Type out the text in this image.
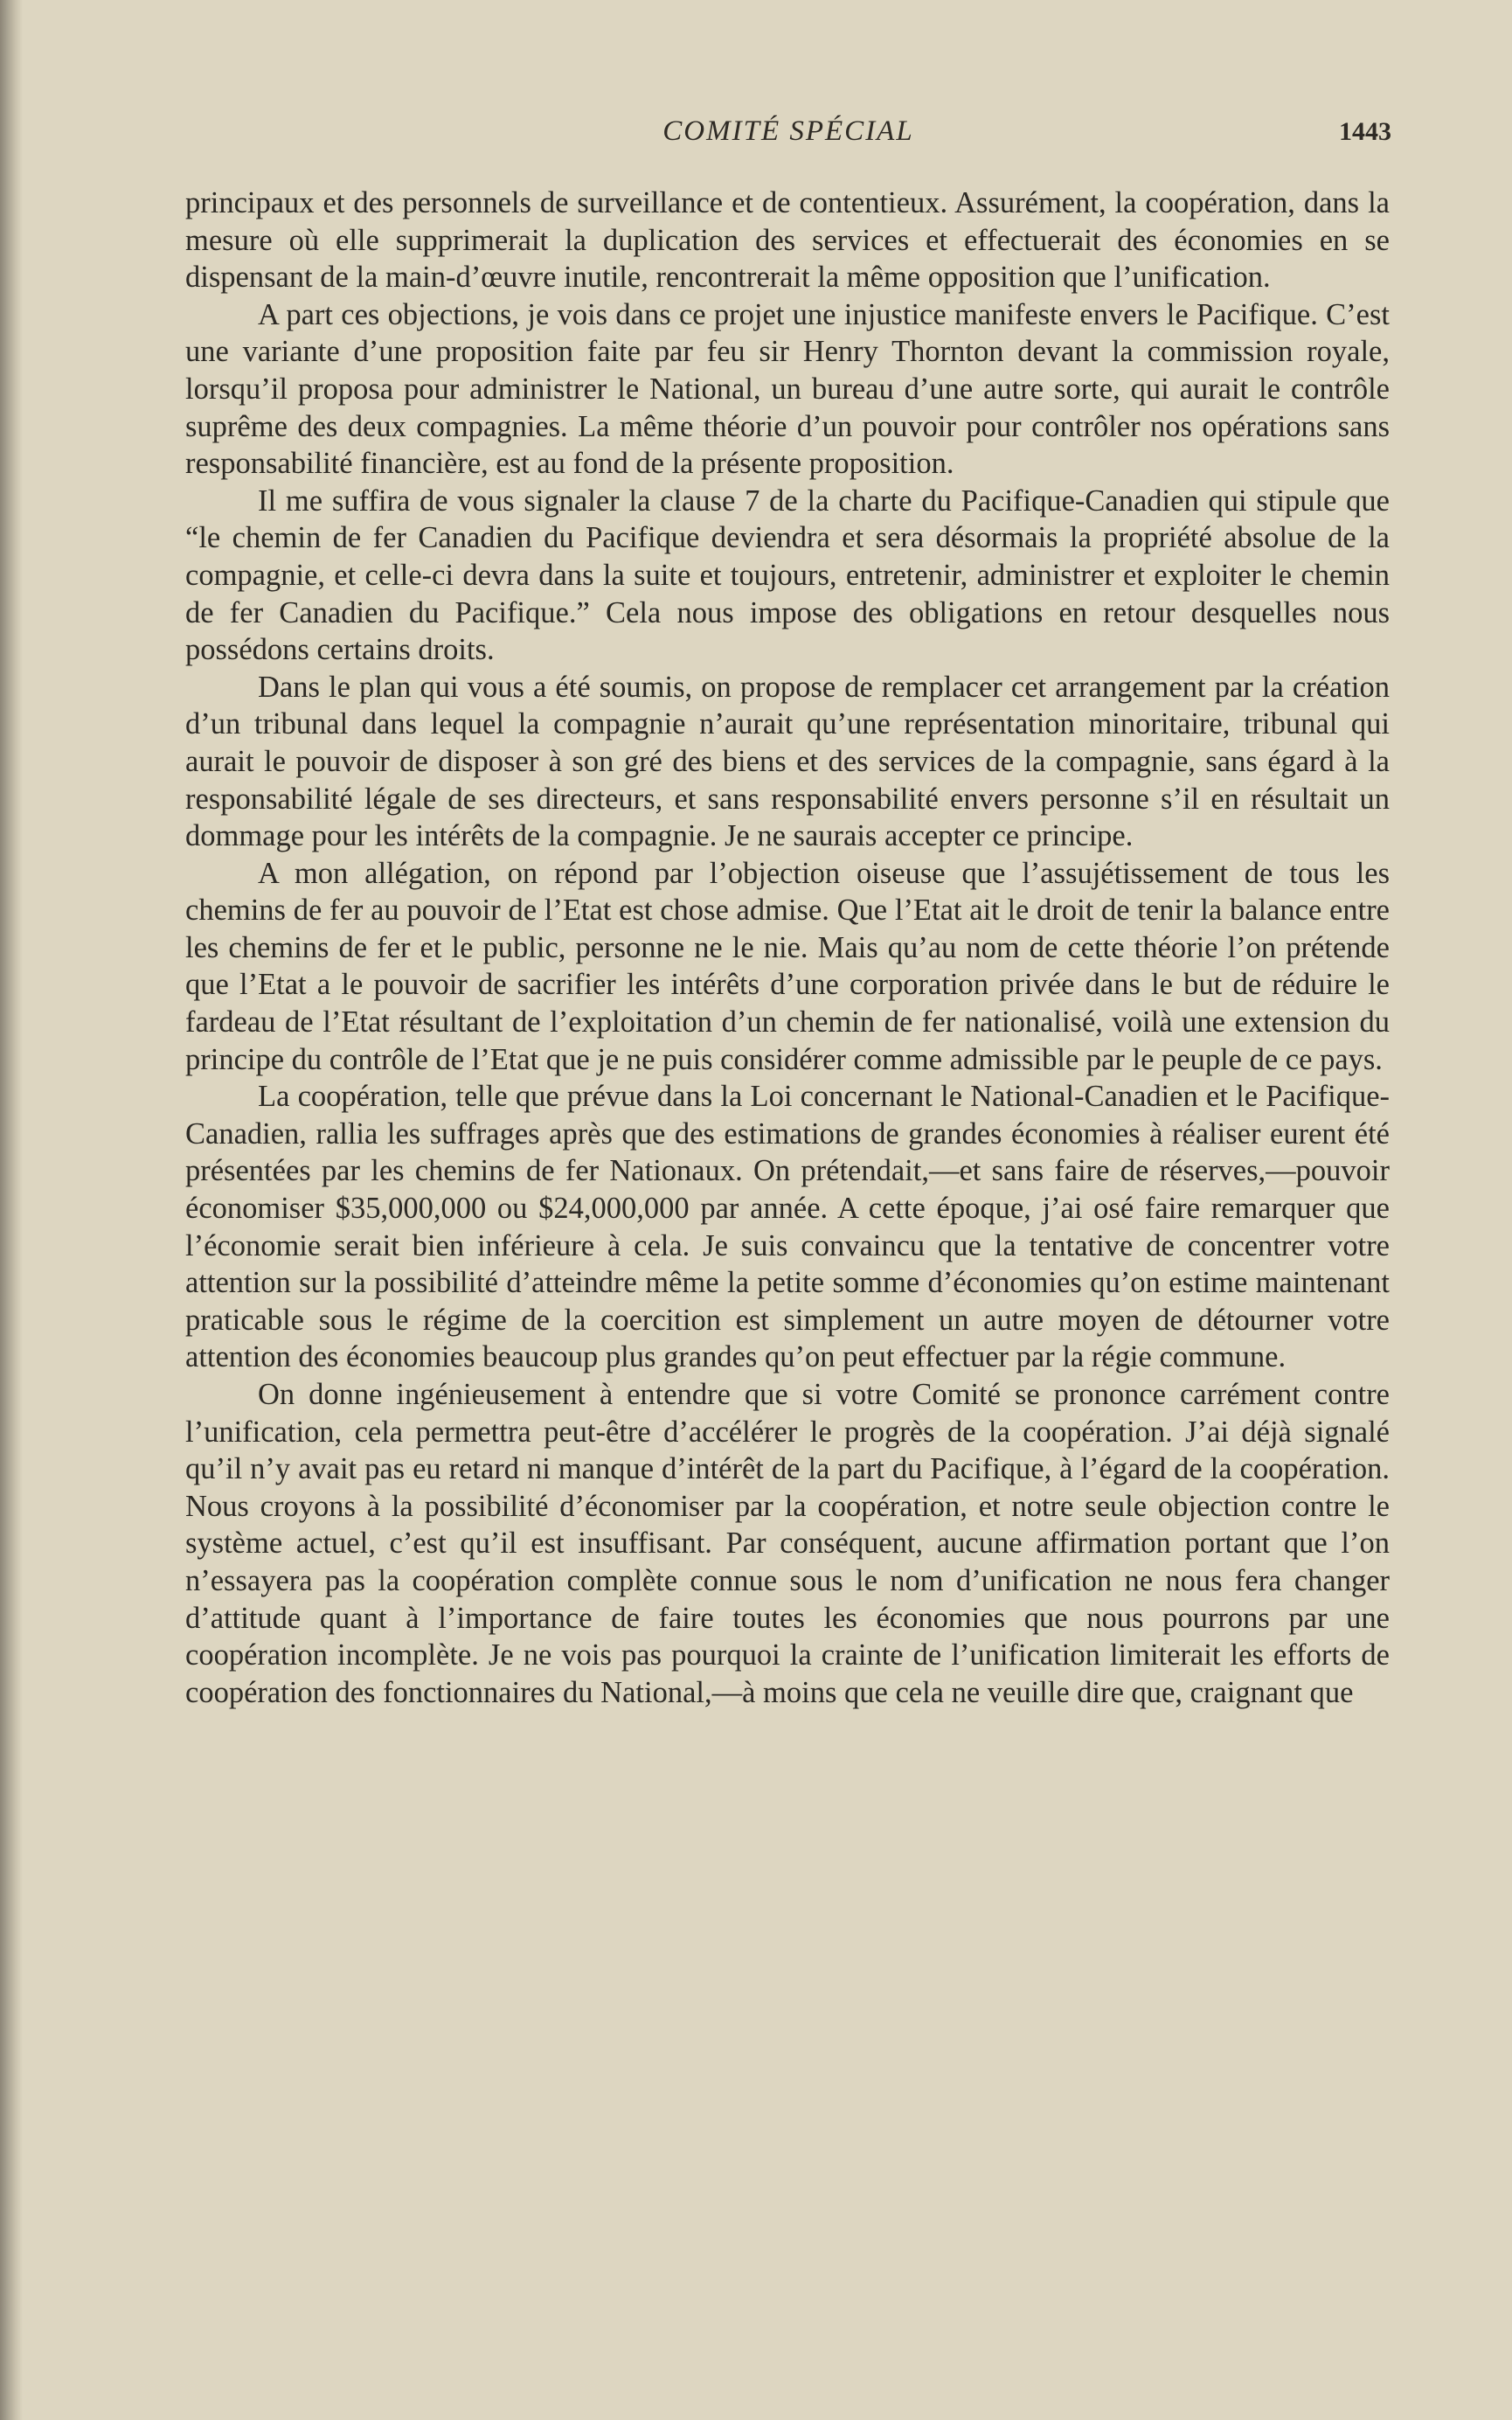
COMITÉ SPÉCIAL	1443

principaux et des personnels de surveillance et de contentieux. Assurément, la coopération, dans la mesure où elle supprimerait la duplication des services et effectuerait des économies en se dispensant de la main-d’œuvre inutile, rencontrerait la même opposition que l’unification.

A part ces objections, je vois dans ce projet une injustice manifeste envers le Pacifique. C’est une variante d’une proposition faite par feu sir Henry Thornton devant la commission royale, lorsqu’il proposa pour administrer le National, un bureau d’une autre sorte, qui aurait le contrôle suprême des deux compagnies. La même théorie d’un pouvoir pour contrôler nos opérations sans responsabilité financière, est au fond de la présente proposition.

Il me suffira de vous signaler la clause 7 de la charte du Pacifique-Canadien qui stipule que “le chemin de fer Canadien du Pacifique deviendra et sera désormais la propriété absolue de la compagnie, et celle-ci devra dans la suite et toujours, entretenir, administrer et exploiter le chemin de fer Canadien du Pacifique.” Cela nous impose des obligations en retour desquelles nous possédons certains droits.

Dans le plan qui vous a été soumis, on propose de remplacer cet arrangement par la création d’un tribunal dans lequel la compagnie n’aurait qu’une représentation minoritaire, tribunal qui aurait le pouvoir de disposer à son gré des biens et des services de la compagnie, sans égard à la responsabilité légale de ses directeurs, et sans responsabilité envers personne s’il en résultait un dommage pour les intérêts de la compagnie. Je ne saurais accepter ce principe.

A mon allégation, on répond par l’objection oiseuse que l’assujétissement de tous les chemins de fer au pouvoir de l’Etat est chose admise. Que l’Etat ait le droit de tenir la balance entre les chemins de fer et le public, personne ne le nie. Mais qu’au nom de cette théorie l’on prétende que l’Etat a le pouvoir de sacrifier les intérêts d’une corporation privée dans le but de réduire le fardeau de l’Etat résultant de l’exploitation d’un chemin de fer nationalisé, voilà une extension du principe du contrôle de l’Etat que je ne puis considérer comme admissible par le peuple de ce pays.

La coopération, telle que prévue dans la Loi concernant le National-Canadien et le Pacifique-Canadien, rallia les suffrages après que des estimations de grandes économies à réaliser eurent été présentées par les chemins de fer Nationaux. On prétendait,—et sans faire de réserves,—pouvoir économiser $35,000,000 ou $24,000,000 par année. A cette époque, j’ai osé faire remarquer que l’économie serait bien inférieure à cela. Je suis convaincu que la tentative de concentrer votre attention sur la possibilité d’atteindre même la petite somme d’économies qu’on estime maintenant praticable sous le régime de la coercition est simplement un autre moyen de détourner votre attention des économies beaucoup plus grandes qu’on peut effectuer par la régie commune.

On donne ingénieusement à entendre que si votre Comité se prononce carrément contre l’unification, cela permettra peut-être d’accélérer le progrès de la coopération. J’ai déjà signalé qu’il n’y avait pas eu retard ni manque d’intérêt de la part du Pacifique, à l’égard de la coopération. Nous croyons à la possibilité d’économiser par la coopération, et notre seule objection contre le système actuel, c’est qu’il est insuffisant. Par conséquent, aucune affirmation portant que l’on n’essayera pas la coopération complète connue sous le nom d’unification ne nous fera changer d’attitude quant à l’importance de faire toutes les économies que nous pourrons par une coopération incomplète. Je ne vois pas pourquoi la crainte de l’unification limiterait les efforts de coopération des fonctionnaires du National,—à moins que cela ne veuille dire que, craignant que
